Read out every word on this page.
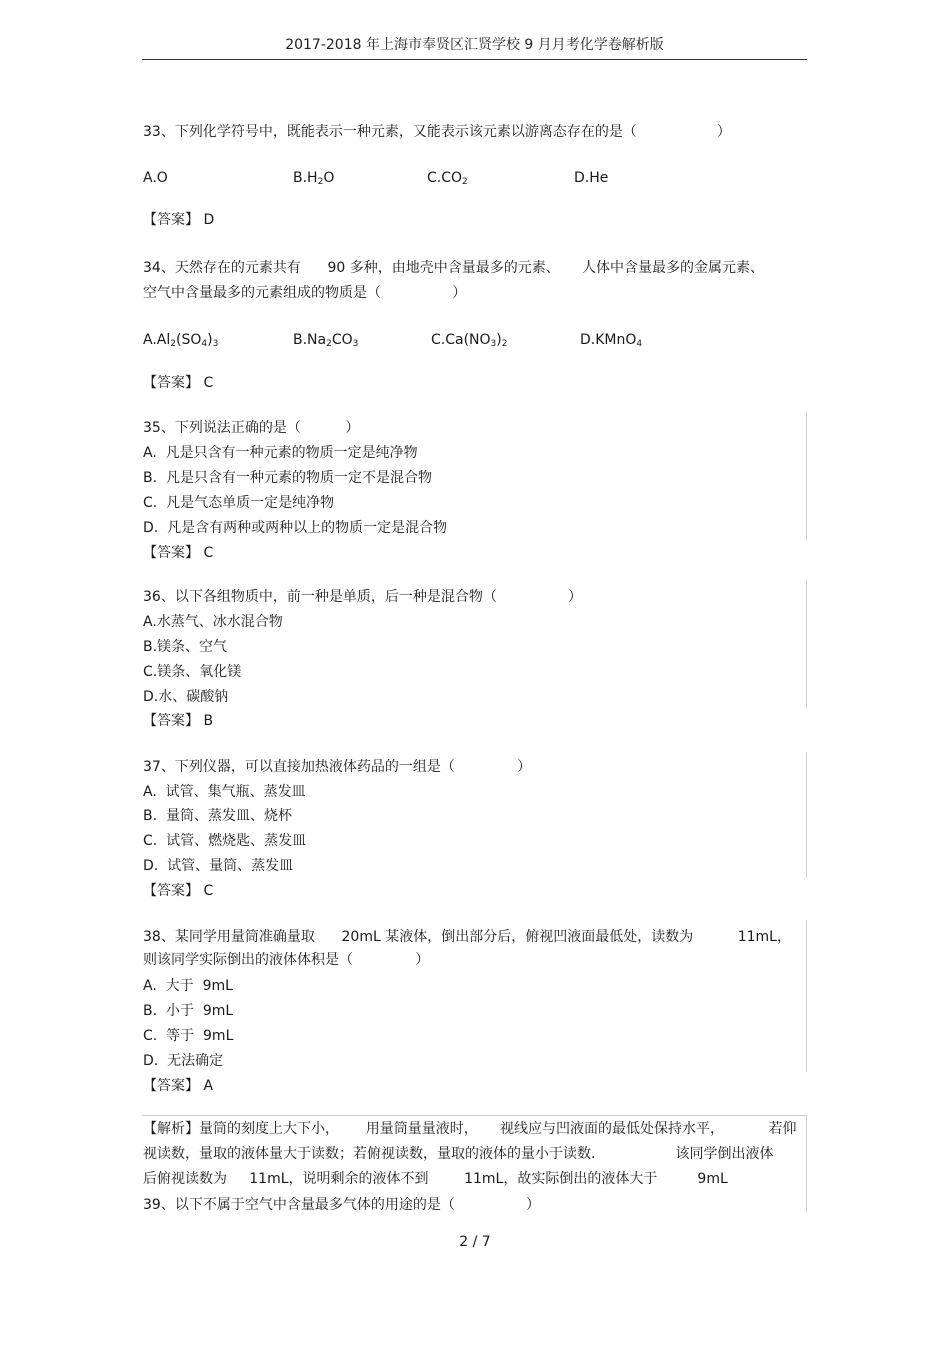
2017-2018 年上海市奉贤区汇贤学校 9 月月考化学卷解析版
33、下列化学符号中，既能表示一种元素，又能表示该元素以游离态存在的是（                  ）
A.O	$B.H_2O$	$C.CO_2$	D.He
【答案】 D
34、天然存在的元素共有      90 多种，由地壳中含量最多的元素、     人体中含量最多的金属元素、
空气中含量最多的元素组成的物质是（                ）
$A.Al_2(SO_4)_3$	$B.Na_2CO_3$	$C.Ca(NO_3)_2$	D.KMnO$_4$
【答案】 C
35、下列说法正确的是（          ）
A.  凡是只含有一种元素的物质一定是纯净物
B.  凡是只含有一种元素的物质一定不是混合物
C.  凡是气态单质一定是纯净物
D.  凡是含有两种或两种以上的物质一定是混合物
【答案】 C
36、以下各组物质中，前一种是单质，后一种是混合物（                ）
A.水蒸气、冰水混合物
B.镁条、空气
C.镁条、氧化镁
D.水、碳酸钠
【答案】 B
37、下列仪器，可以直接加热液体药品的一组是（              ）
A.  试管、集气瓶、蒸发皿
B.  量筒、蒸发皿、烧杯
C.  试管、燃烧匙、蒸发皿
D.  试管、量筒、蒸发皿
【答案】 C
38、某同学用量筒准确量取      20mL 某液体，倒出部分后，俯视凹液面最低处，读数为          11mL，
则该同学实际倒出的液体体积是（              ）
A.  大于  9mL
B.  小于  9mL
C.  等于  9mL
D.  无法确定
【答案】 A
【解析】量筒的刻度上大下小，      用量筒量量液时，     视线应与凹液面的最低处保持水平，          若仰
视读数，量取的液体量大于读数；若俯视读数，量取的液体的量小于读数.                  该同学倒出液体
后俯视读数为     11mL，说明剩余的液体不到        11mL，故实际倒出的液体大于         9mL
39、以下不属于空气中含量最多气体的用途的是（                ）
2 / 7
